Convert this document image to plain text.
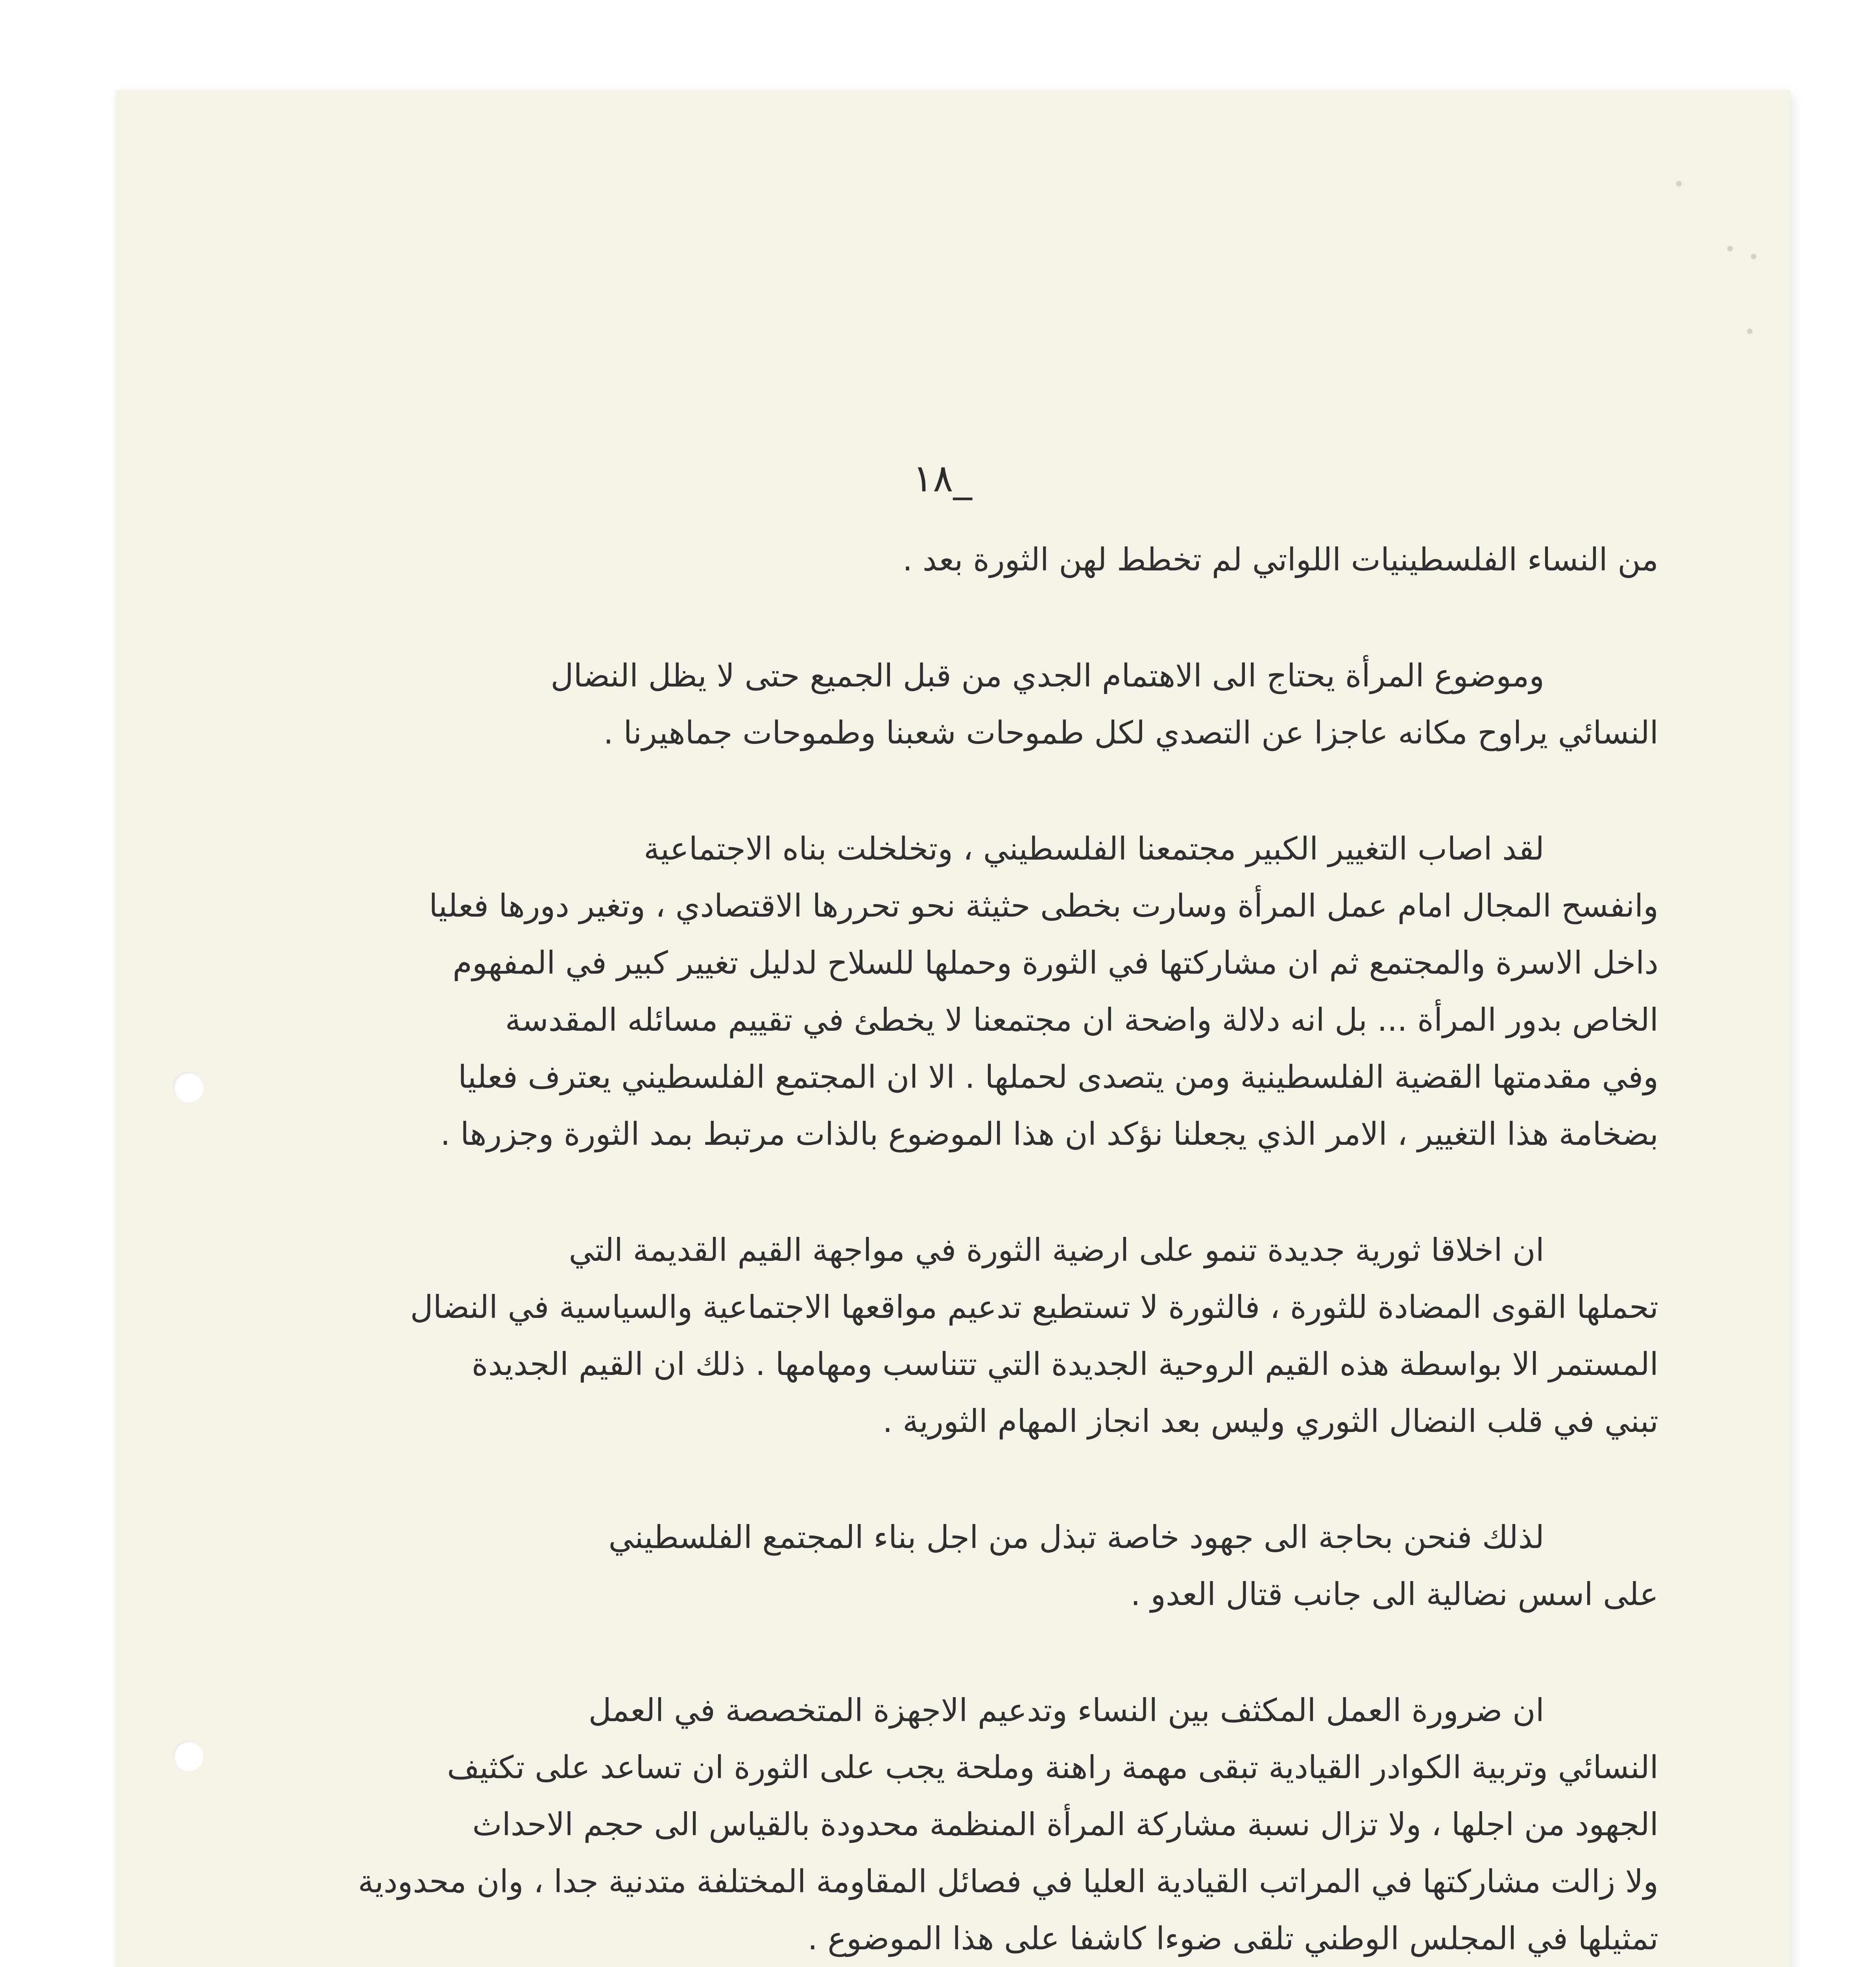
١٨_
من النساء الفلسطينيات اللواتي لم تخطط لهن الثورة بعد .
وموضوع المرأة يحتاج الى الاهتمام الجدي من قبل الجميع حتى لا يظل النضال
النسائي يراوح مكانه عاجزا عن التصدي لكل طموحات شعبنا وطموحات جماهيرنا .
لقد اصاب التغيير الكبير مجتمعنا الفلسطيني ، وتخلخلت بناه الاجتماعية
وانفسح المجال امام عمل المرأة وسارت بخطى حثيثة نحو تحررها الاقتصادي ، وتغير دورها فعليا
داخل الاسرة والمجتمع ثم ان مشاركتها في الثورة وحملها للسلاح لدليل تغيير كبير في المفهوم
الخاص بدور المرأة ... بل انه دلالة واضحة ان مجتمعنا لا يخطئ في تقييم مسائله المقدسة
وفي مقدمتها القضية الفلسطينية ومن يتصدى لحملها . الا ان المجتمع الفلسطيني يعترف فعليا
بضخامة هذا التغيير ، الامر الذي يجعلنا نؤكد ان هذا الموضوع بالذات مرتبط بمد الثورة وجزرها .
ان اخلاقا ثورية جديدة تنمو على ارضية الثورة في مواجهة القيم القديمة التي
تحملها القوى المضادة للثورة ، فالثورة لا تستطيع تدعيم مواقعها الاجتماعية والسياسية في النضال
المستمر الا بواسطة هذه القيم الروحية الجديدة التي تتناسب ومهامها . ذلك ان القيم الجديدة
تبني في قلب النضال الثوري وليس بعد انجاز المهام الثورية .
لذلك فنحن بحاجة الى جهود خاصة تبذل من اجل بناء المجتمع الفلسطيني
على اسس نضالية الى جانب قتال العدو .
ان ضرورة العمل المكثف بين النساء وتدعيم الاجهزة المتخصصة في العمل
النسائي وتربية الكوادر القيادية تبقى مهمة راهنة وملحة يجب على الثورة ان تساعد على تكثيف
الجهود من اجلها ، ولا تزال نسبة مشاركة المرأة المنظمة محدودة بالقياس الى حجم الاحداث
ولا زالت مشاركتها في المراتب القيادية العليا في فصائل المقاومة المختلفة متدنية جدا ، وان محدودية
تمثيلها في المجلس الوطني تلقى ضوءا كاشفا على هذا الموضوع .
